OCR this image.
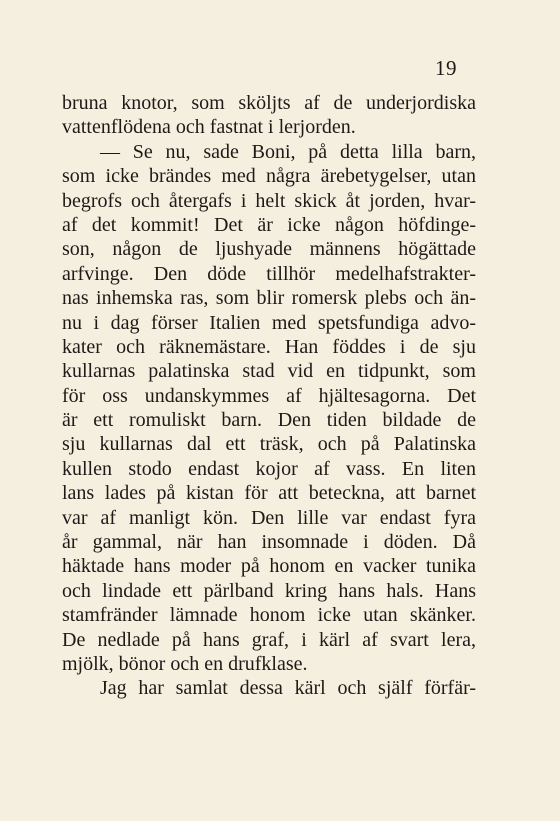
19
bruna knotor, som sköljts af de underjordiska
vattenflödena och fastnat i lerjorden.
— Se nu, sade Boni, på detta lilla barn,
som icke brändes med några ärebetygelser, utan
begrofs och återgafs i helt skick åt jorden, hvar-
af det kommit! Det är icke någon höfdinge-
son, någon de ljushyade männens högättade
arfvinge. Den döde tillhör medelhafstrakter-
nas inhemska ras, som blir romersk plebs och än-
nu i dag förser Italien med spetsfundiga advo-
kater och räknemästare. Han föddes i de sju
kullarnas palatinska stad vid en tidpunkt, som
för oss undanskymmes af hjältesagorna. Det
är ett romuliskt barn. Den tiden bildade de
sju kullarnas dal ett träsk, och på Palatinska
kullen stodo endast kojor af vass. En liten
lans lades på kistan för att beteckna, att barnet
var af manligt kön. Den lille var endast fyra
år gammal, när han insomnade i döden. Då
häktade hans moder på honom en vacker tunika
och lindade ett pärlband kring hans hals. Hans
stamfränder lämnade honom icke utan skänker.
De nedlade på hans graf, i kärl af svart lera,
mjölk, bönor och en drufklase.
Jag har samlat dessa kärl och själf förfär-
